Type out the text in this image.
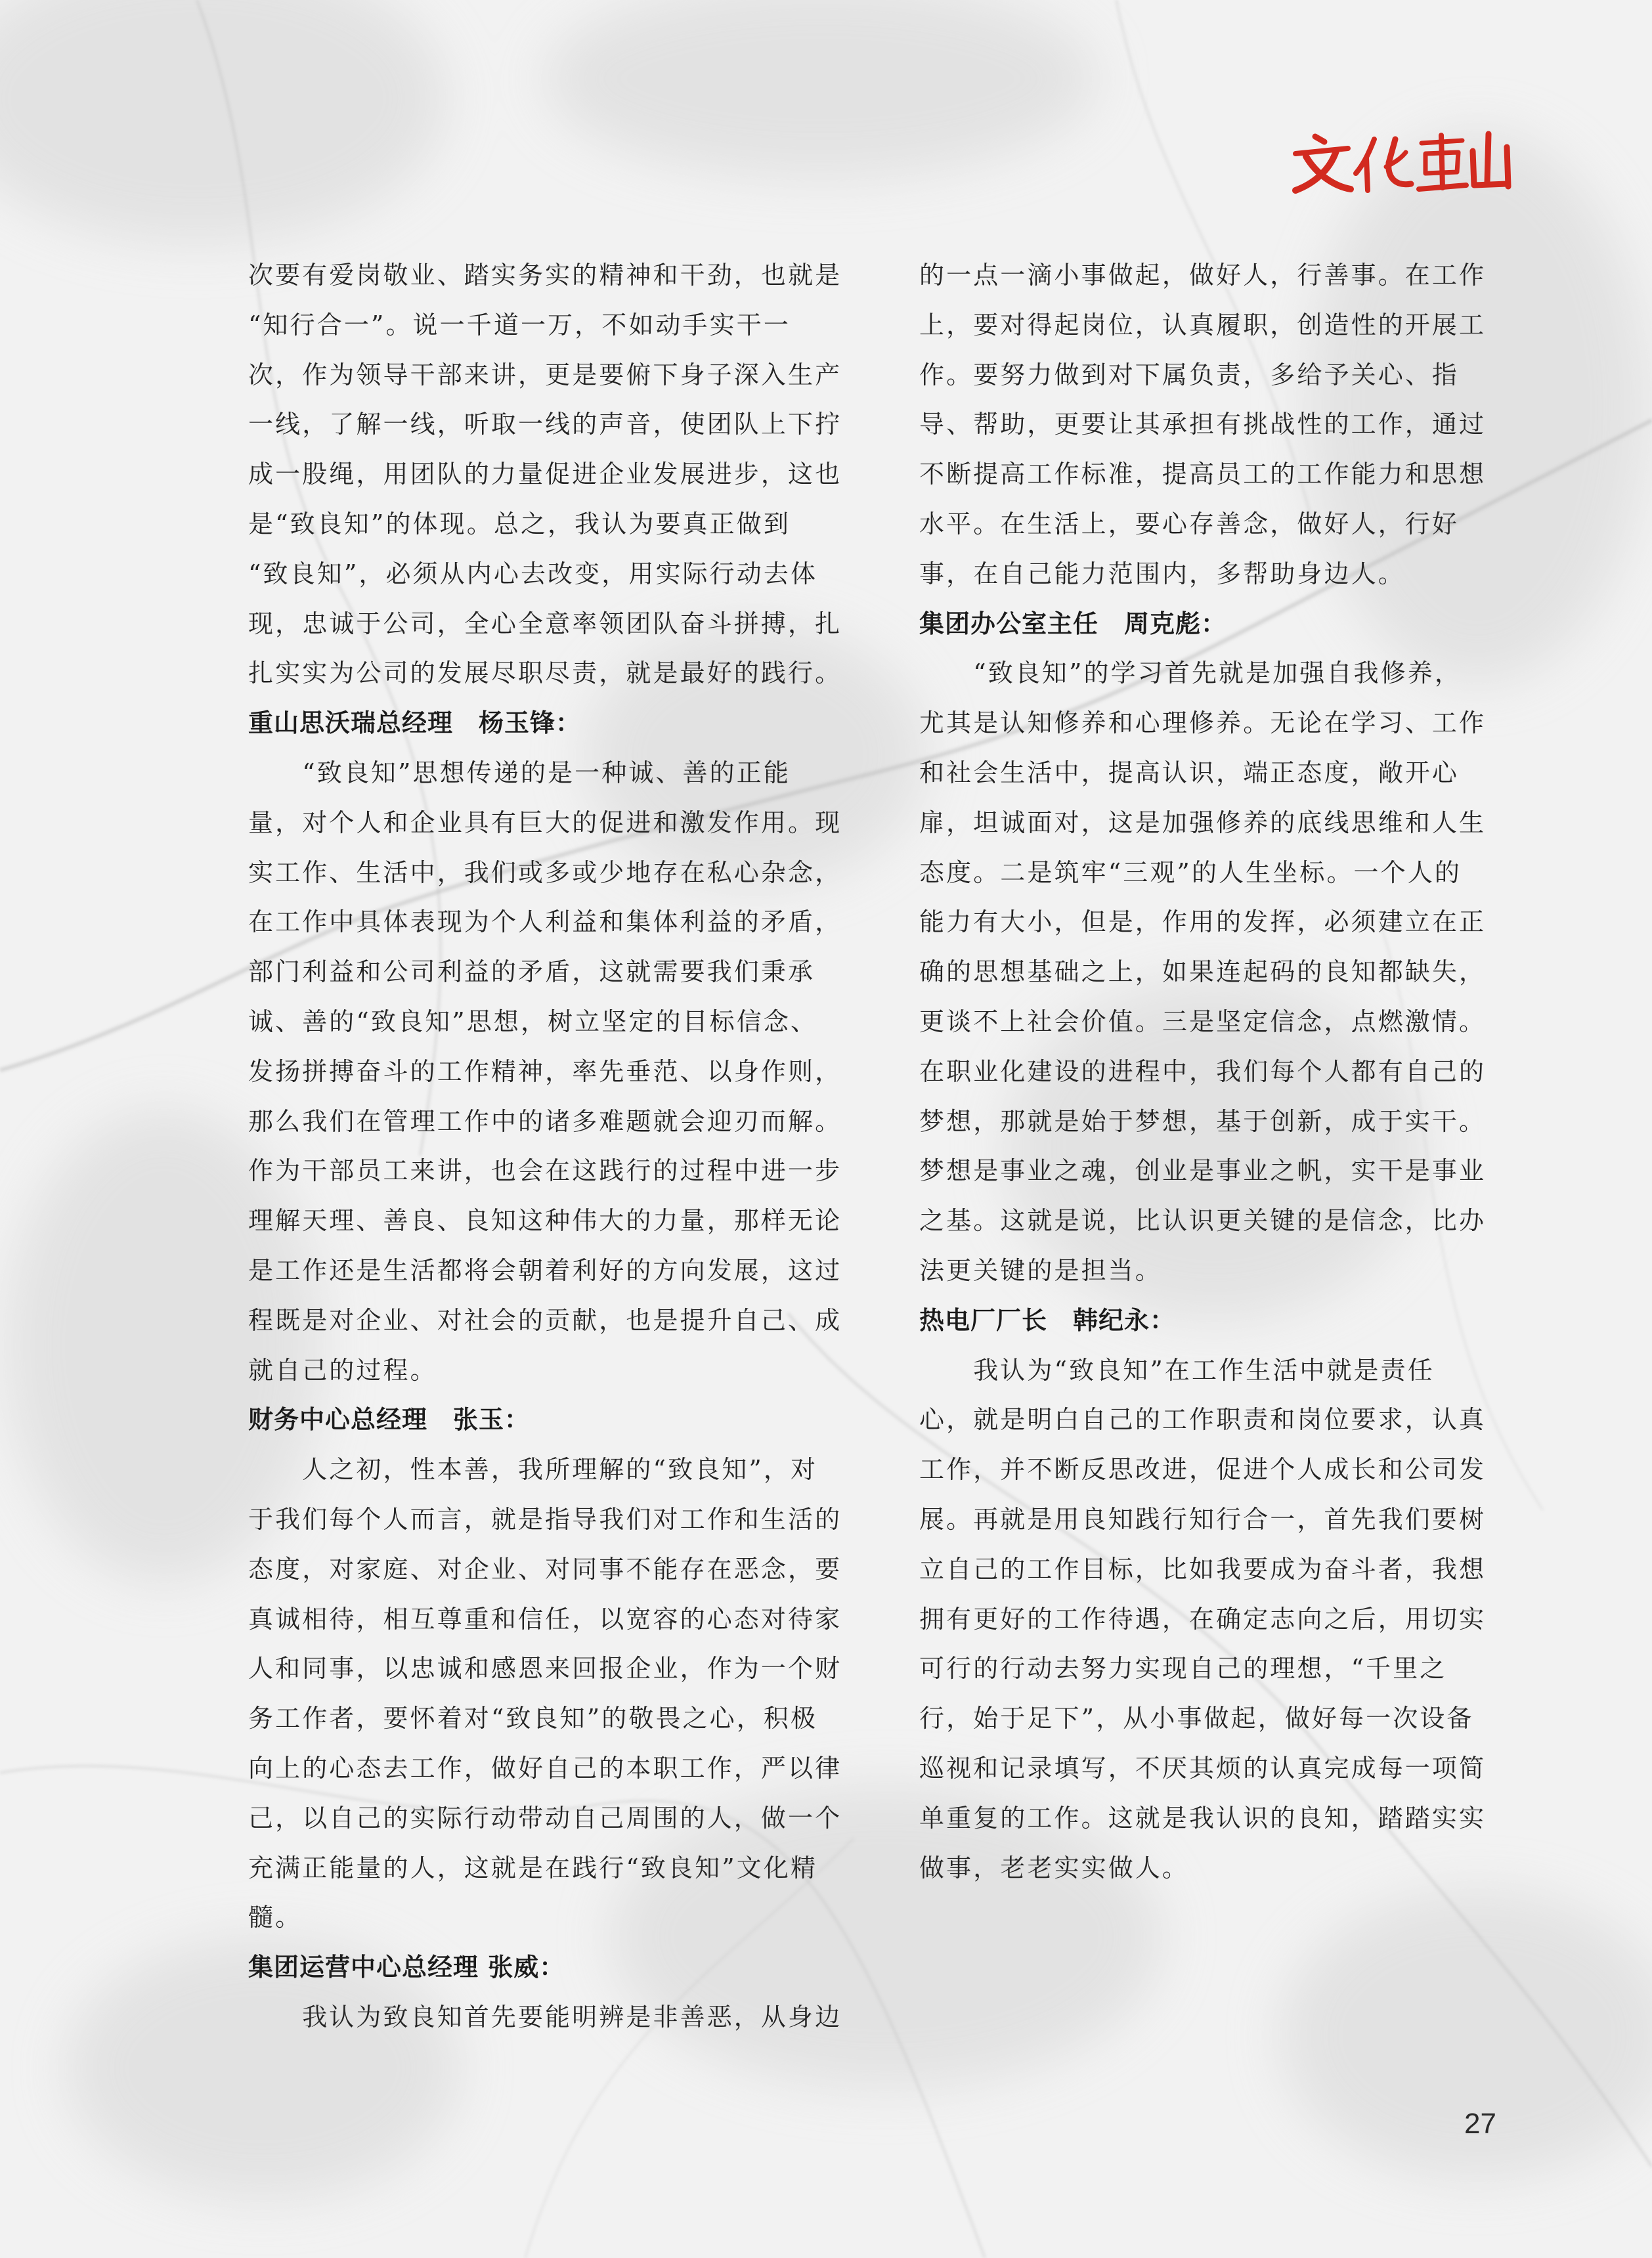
次要有爱岗敬业、踏实务实的精神和干劲，也就是
“知行合一”。说一千道一万，不如动手实干一
次，作为领导干部来讲，更是要俯下身子深入生产
一线，了解一线，听取一线的声音，使团队上下拧
成一股绳，用团队的力量促进企业发展进步，这也
是“致良知”的体现。总之，我认为要真正做到
“致良知”，必须从内心去改变，用实际行动去体
现，忠诚于公司，全心全意率领团队奋斗拼搏，扎
扎实实为公司的发展尽职尽责，就是最好的践行。
重山思沃瑞总经理　杨玉锋：
　　“致良知”思想传递的是一种诚、善的正能
量，对个人和企业具有巨大的促进和激发作用。现
实工作、生活中，我们或多或少地存在私心杂念，
在工作中具体表现为个人利益和集体利益的矛盾，
部门利益和公司利益的矛盾，这就需要我们秉承
诚、善的“致良知”思想，树立坚定的目标信念、
发扬拼搏奋斗的工作精神，率先垂范、以身作则，
那么我们在管理工作中的诸多难题就会迎刃而解。
作为干部员工来讲，也会在这践行的过程中进一步
理解天理、善良、良知这种伟大的力量，那样无论
是工作还是生活都将会朝着利好的方向发展，这过
程既是对企业、对社会的贡献，也是提升自己、成
就自己的过程。
财务中心总经理　张玉：
　　人之初，性本善，我所理解的“致良知”，对
于我们每个人而言，就是指导我们对工作和生活的
态度，对家庭、对企业、对同事不能存在恶念，要
真诚相待，相互尊重和信任，以宽容的心态对待家
人和同事，以忠诚和感恩来回报企业，作为一个财
务工作者，要怀着对“致良知”的敬畏之心，积极
向上的心态去工作，做好自己的本职工作，严以律
己，以自己的实际行动带动自己周围的人，做一个
充满正能量的人，这就是在践行“致良知”文化精
髓。
集团运营中心总经理 张威：
　　我认为致良知首先要能明辨是非善恶，从身边
的一点一滴小事做起，做好人，行善事。在工作
上，要对得起岗位，认真履职，创造性的开展工
作。要努力做到对下属负责，多给予关心、指
导、帮助，更要让其承担有挑战性的工作，通过
不断提高工作标准，提高员工的工作能力和思想
水平。在生活上，要心存善念，做好人，行好
事，在自己能力范围内，多帮助身边人。
集团办公室主任　周克彪：
　　“致良知”的学习首先就是加强自我修养，
尤其是认知修养和心理修养。无论在学习、工作
和社会生活中，提高认识，端正态度，敞开心
扉，坦诚面对，这是加强修养的底线思维和人生
态度。二是筑牢“三观”的人生坐标。一个人的
能力有大小，但是，作用的发挥，必须建立在正
确的思想基础之上，如果连起码的良知都缺失，
更谈不上社会价值。三是坚定信念，点燃激情。
在职业化建设的进程中，我们每个人都有自己的
梦想，那就是始于梦想，基于创新，成于实干。
梦想是事业之魂，创业是事业之帆，实干是事业
之基。这就是说，比认识更关键的是信念，比办
法更关键的是担当。
热电厂厂长　韩纪永：
　　我认为“致良知”在工作生活中就是责任
心，就是明白自己的工作职责和岗位要求，认真
工作，并不断反思改进，促进个人成长和公司发
展。再就是用良知践行知行合一，首先我们要树
立自己的工作目标，比如我要成为奋斗者，我想
拥有更好的工作待遇，在确定志向之后，用切实
可行的行动去努力实现自己的理想，“千里之
行，始于足下”，从小事做起，做好每一次设备
巡视和记录填写，不厌其烦的认真完成每一项简
单重复的工作。这就是我认识的良知，踏踏实实
做事，老老实实做人。
27
